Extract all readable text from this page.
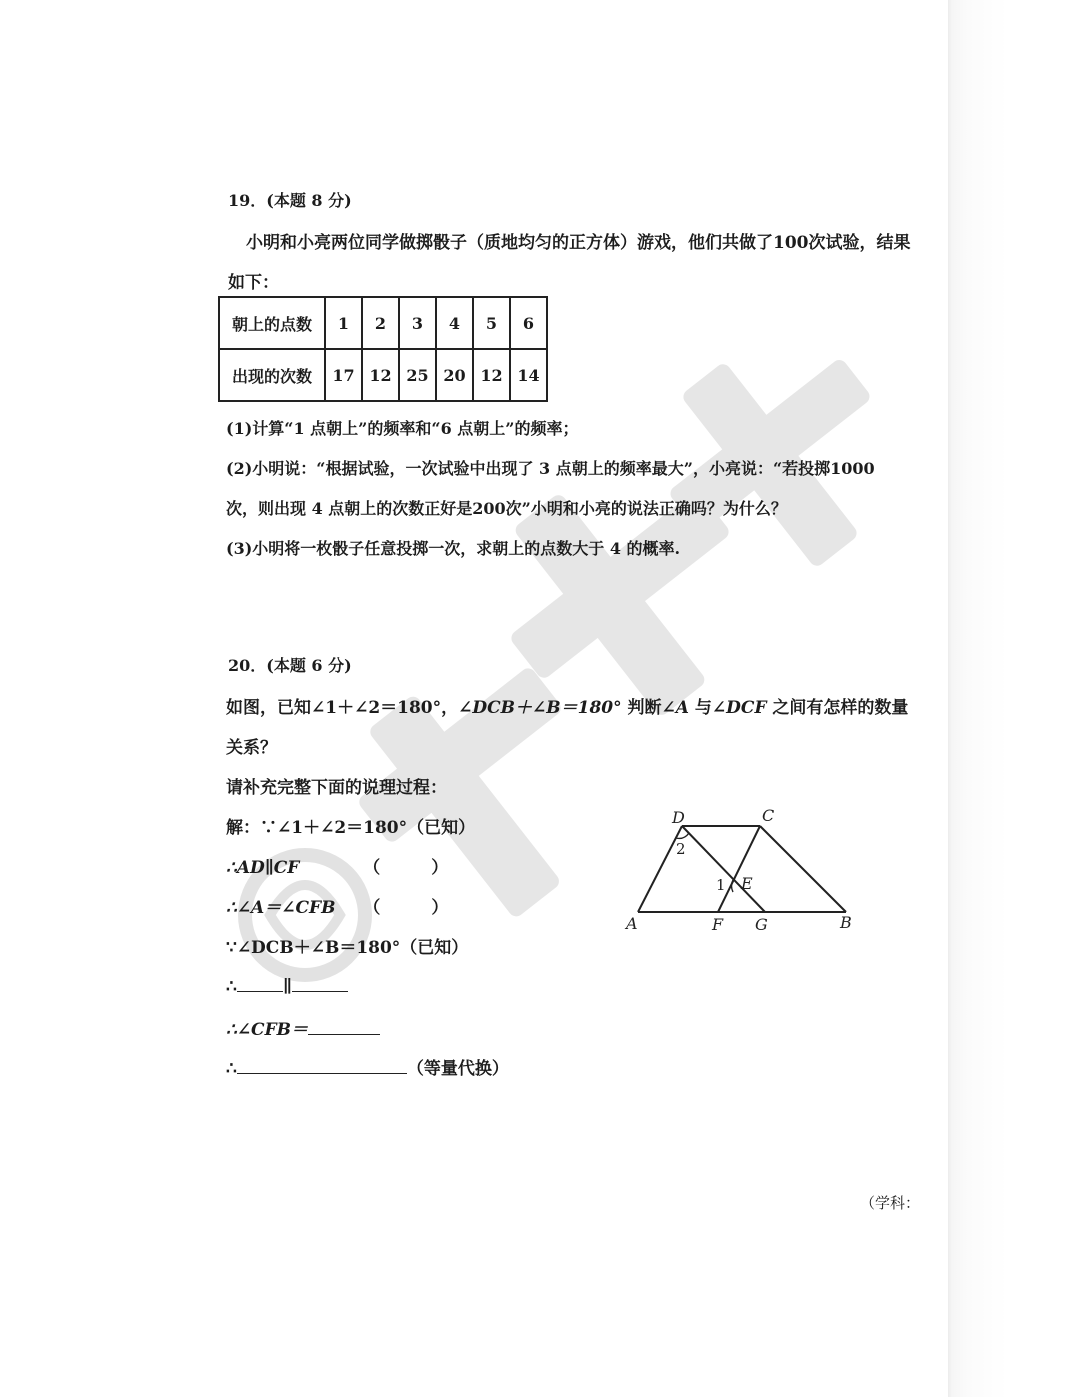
19．(本题 8 分)
小明和小亮两位同学做掷骰子（质地均匀的正方体）游戏，他们共做了100次试验，结果
如下：
朝上的点数	1	2	3	4	5	6
出现的次数	17	12	25	20	12	14
(1)计算“1 点朝上”的频率和“6 点朝上”的频率；
(2)小明说：“根据试验，一次试验中出现了 3 点朝上的频率最大”，小亮说：“若投掷1000
次，则出现 4 点朝上的次数正好是200次”小明和小亮的说法正确吗？为什么？
(3)小明将一枚骰子任意投掷一次，求朝上的点数大于 4 的概率.
20．(本题 6 分)
如图，已知∠1＋∠2＝180°，∠DCB＋∠B＝180° 判断∠A 与∠DCF 之间有怎样的数量
关系？
请补充完整下面的说理过程：
解：∵∠1＋∠2＝180°（已知）
∴AD∥CF	（　　　）
∴∠A＝∠CFB （　　　）
∵∠DCB＋∠B＝180°（已知）
∴	∥
∴∠CFB＝
∴	（等量代换）
D	C
A	B
F G
E
2
1
（学科：
